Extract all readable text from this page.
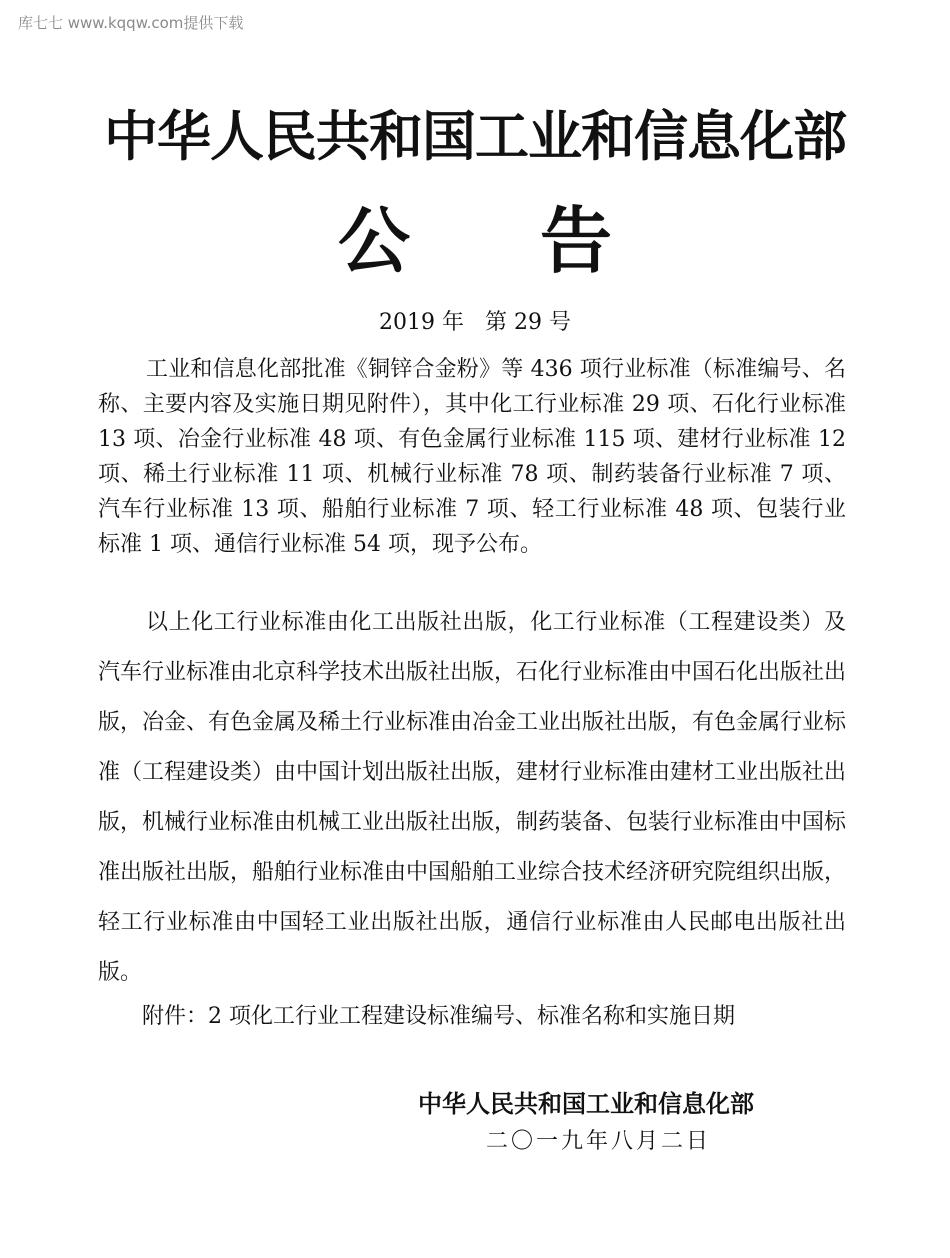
库七七 www.kqqw.com提供下载
中华人民共和国工业和信息化部
公告
2019 年   第 29 号

工业和信息化部批准《铜锌合金粉》等 436 项行业标准（标准编号、名称、主要内容及实施日期见附件），其中化工行业标准 29 项、石化行业标准 13 项、冶金行业标准 48 项、有色金属行业标准 115 项、建材行业标准 12 项、稀土行业标准 11 项、机械行业标准 78 项、制药装备行业标准 7 项、汽车行业标准 13 项、船舶行业标准 7 项、轻工行业标准 48 项、包装行业标准 1 项、通信行业标准 54 项，现予公布。

以上化工行业标准由化工出版社出版，化工行业标准（工程建设类）及汽车行业标准由北京科学技术出版社出版，石化行业标准由中国石化出版社出版，冶金、有色金属及稀土行业标准由冶金工业出版社出版，有色金属行业标准（工程建设类）由中国计划出版社出版，建材行业标准由建材工业出版社出版，机械行业标准由机械工业出版社出版，制药装备、包装行业标准由中国标准出版社出版，船舶行业标准由中国船舶工业综合技术经济研究院组织出版，轻工行业标准由中国轻工业出版社出版，通信行业标准由人民邮电出版社出版。

附件：2 项化工行业工程建设标准编号、标准名称和实施日期
中华人民共和国工业和信息化部
二〇一九年八月二日
